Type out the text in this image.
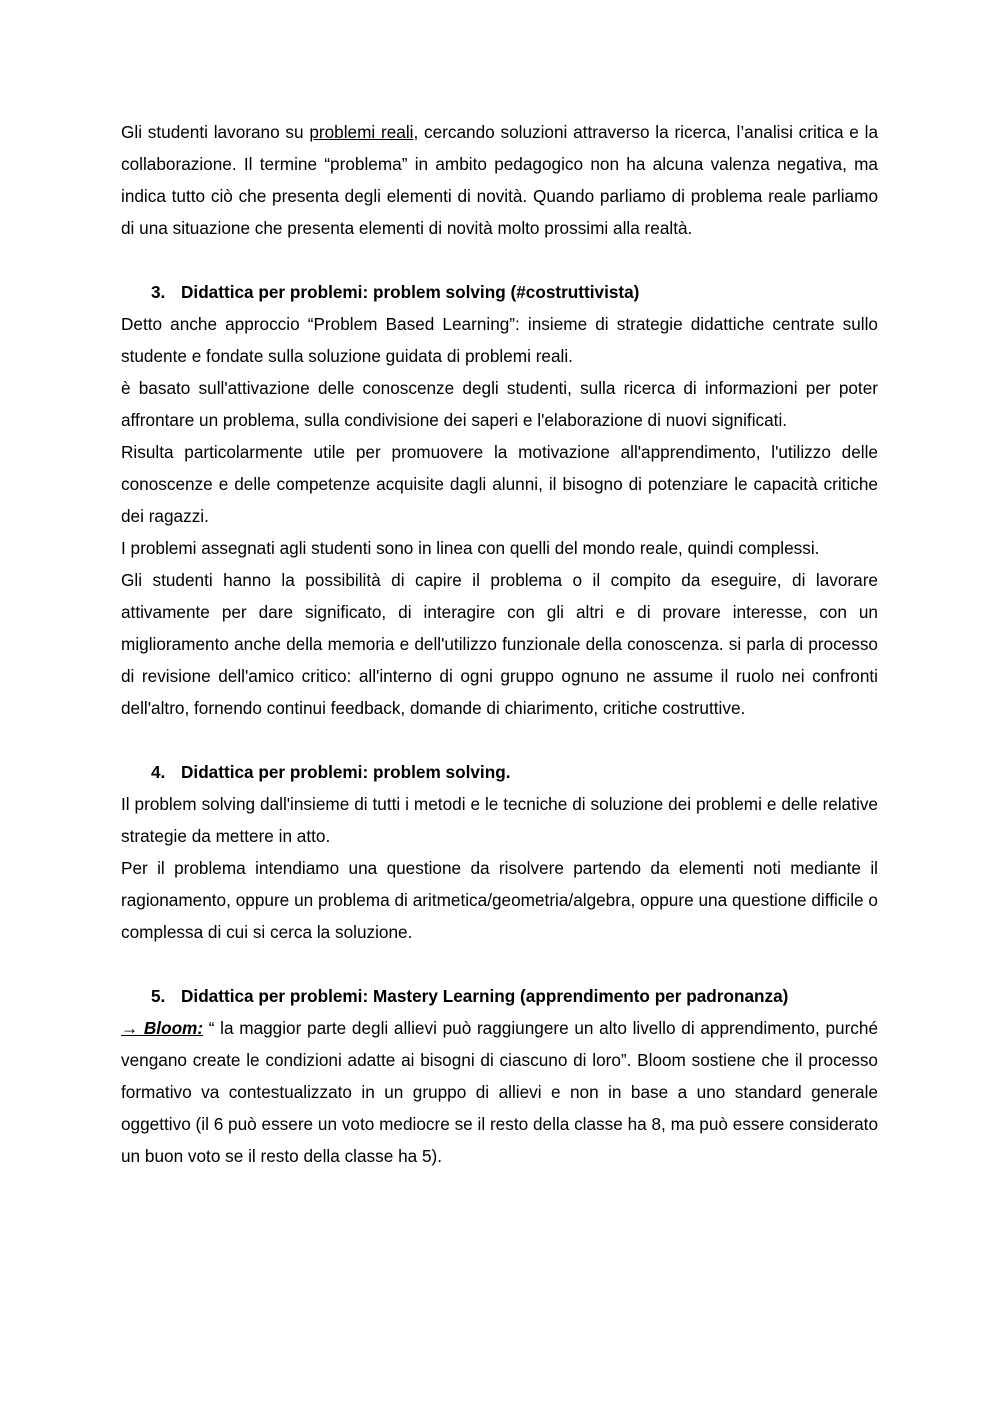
Gli studenti lavorano su problemi reali, cercando soluzioni attraverso la ricerca, l’analisi critica e la collaborazione. Il termine “problema” in ambito pedagogico non ha alcuna valenza negativa, ma indica tutto ciò che presenta degli elementi di novità. Quando parliamo di problema reale parliamo di una situazione che presenta elementi di novità molto prossimi alla realtà.

3. Didattica per problemi: problem solving (#costruttivista)

Detto anche approccio “Problem Based Learning”: insieme di strategie didattiche centrate sullo studente e fondate sulla soluzione guidata di problemi reali.

è basato sull'attivazione delle conoscenze degli studenti, sulla ricerca di informazioni per poter affrontare un problema, sulla condivisione dei saperi e l'elaborazione di nuovi significati.

Risulta particolarmente utile per promuovere la motivazione all'apprendimento, l'utilizzo delle conoscenze e delle competenze acquisite dagli alunni, il bisogno di potenziare le capacità critiche dei ragazzi.

I problemi assegnati agli studenti sono in linea con quelli del mondo reale, quindi complessi.

Gli studenti hanno la possibilità di capire il problema o il compito da eseguire, di lavorare attivamente per dare significato, di interagire con gli altri e di provare interesse, con un miglioramento anche della memoria e dell'utilizzo funzionale della conoscenza. si parla di processo di revisione dell'amico critico: all'interno di ogni gruppo ognuno ne assume il ruolo nei confronti dell'altro, fornendo continui feedback, domande di chiarimento, critiche costruttive.

4. Didattica per problemi: problem solving.

Il problem solving dall'insieme di tutti i metodi e le tecniche di soluzione dei problemi e delle relative strategie da mettere in atto.

Per il problema intendiamo una questione da risolvere partendo da elementi noti mediante il ragionamento, oppure un problema di aritmetica/geometria/algebra, oppure una questione difficile o complessa di cui si cerca la soluzione.

5. Didattica per problemi: Mastery Learning (apprendimento per padronanza)

→ Bloom: “ la maggior parte degli allievi può raggiungere un alto livello di apprendimento, purché vengano create le condizioni adatte ai bisogni di ciascuno di loro”. Bloom sostiene che il processo formativo va contestualizzato in un gruppo di allievi e non in base a uno standard generale oggettivo (il 6 può essere un voto mediocre se il resto della classe ha 8, ma può essere considerato un buon voto se il resto della classe ha 5).
